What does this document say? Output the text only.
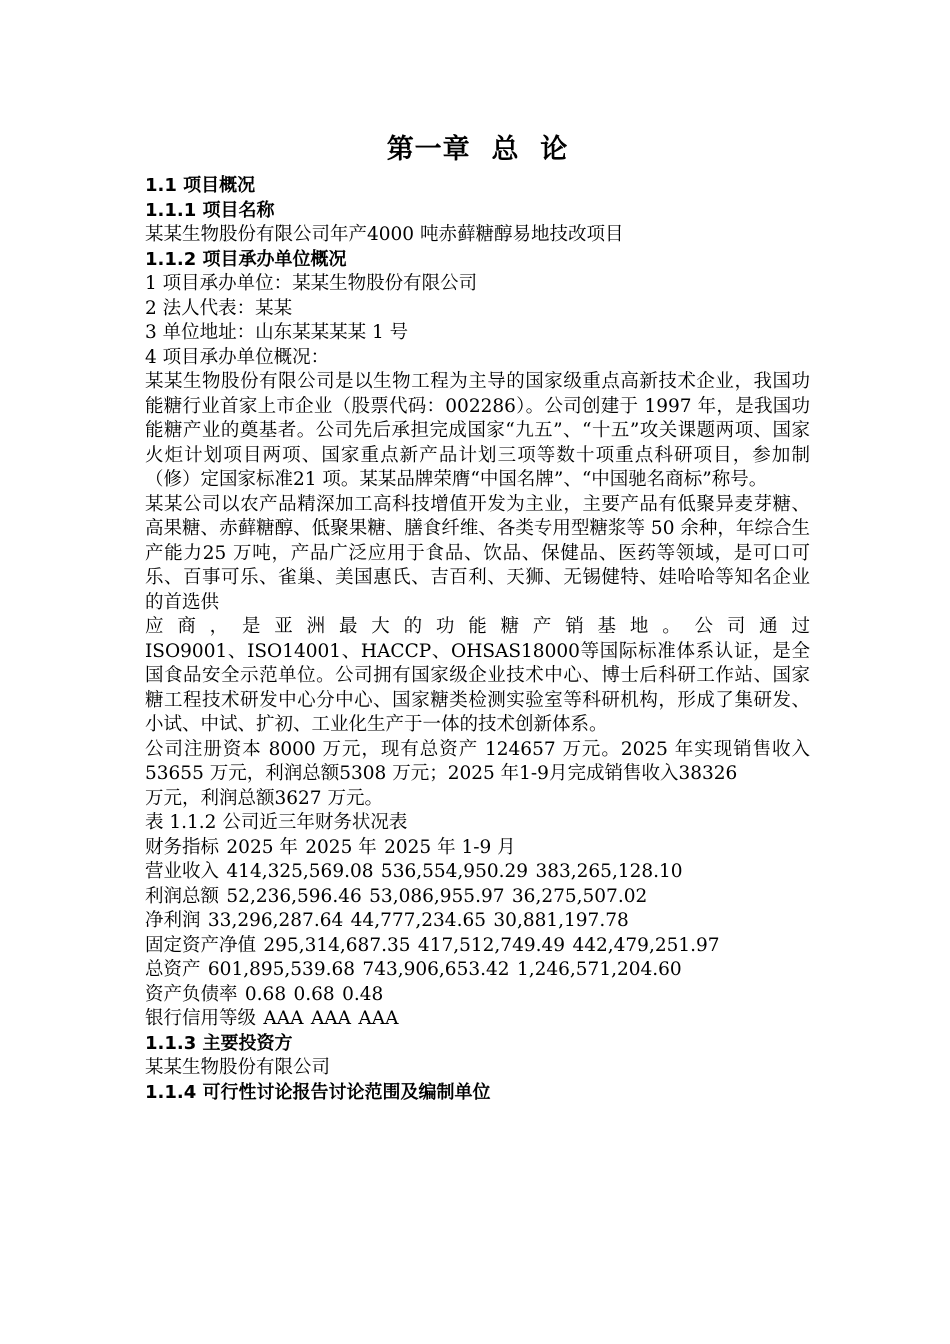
第一章  总  论

1.1 项目概况

1.1.1 项目名称

某某生物股份有限公司年产4000 吨赤藓糖醇易地技改项目

1.1.2 项目承办单位概况

1 项目承办单位：某某生物股份有限公司

2 法人代表：某某

3 单位地址：山东某某某某 1 号

4 项目承办单位概况：

某某生物股份有限公司是以生物工程为主导的国家级重点高新技术企业，我国功能糖行业首家上市企业（股票代码：002286）。公司创建于 1997 年，是我国功能糖产业的奠基者。公司先后承担完成国家“九五”、“十五”攻关课题两项、国家火炬计划项目两项、国家重点新产品计划三项等数十项重点科研项目，参加制（修）定国家标准21 项。某某品牌荣膺“中国名牌”、“中国驰名商标”称号。

某某公司以农产品精深加工高科技增值开发为主业，主要产品有低聚异麦芽糖、高果糖、赤藓糖醇、低聚果糖、膳食纤维、各类专用型糖浆等 50 余种，年综合生产能力25 万吨，产品广泛应用于食品、饮品、保健品、医药等领域，是可口可乐、百事可乐、雀巢、美国惠氏、吉百利、天狮、无锡健特、娃哈哈等知名企业的首选供

应商，是亚洲最大的功能糖产销基地。公司通过

ISO9001、ISO14001、HACCP、OHSAS18000等国际标准体系认证，是全国食品安全示范单位。公司拥有国家级企业技术中心、博士后科研工作站、国家糖工程技术研发中心分中心、国家糖类检测实验室等科研机构，形成了集研发、小试、中试、扩初、工业化生产于一体的技术创新体系。

公司注册资本 8000 万元，现有总资产 124657 万元。2025 年实现销售收入53655 万元，利润总额5308 万元；2025 年1-9月完成销售收入38326

万元，利润总额3627 万元。

表 1.1.2 公司近三年财务状况表

财务指标 2025 年 2025 年 2025 年 1-9 月

营业收入 414,325,569.08 536,554,950.29 383,265,128.10

利润总额 52,236,596.46 53,086,955.97 36,275,507.02

净利润 33,296,287.64 44,777,234.65 30,881,197.78

固定资产净值 295,314,687.35 417,512,749.49 442,479,251.97

总资产 601,895,539.68 743,906,653.42 1,246,571,204.60

资产负债率 0.68 0.68 0.48

银行信用等级 AAA AAA AAA

1.1.3 主要投资方

某某生物股份有限公司

1.1.4 可行性讨论报告讨论范围及编制单位
